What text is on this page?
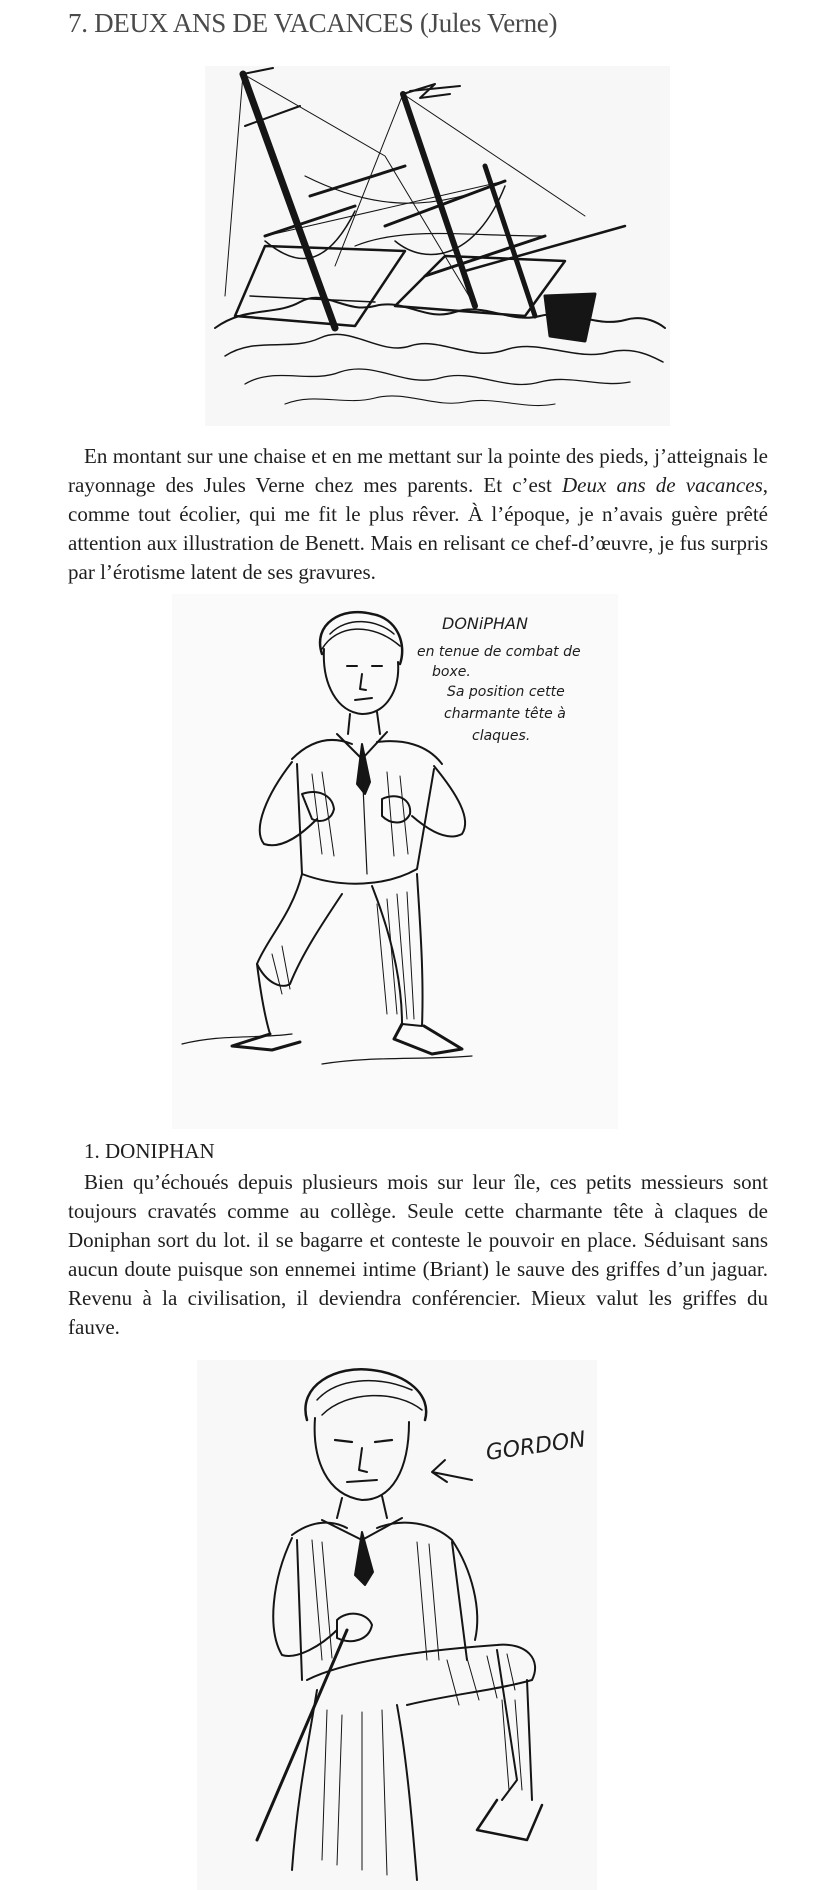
7. DEUX ANS DE VACANCES (Jules Verne)
En montant sur une chaise et en me mettant sur la pointe des pieds, j’atteignais le rayonnage des Jules Verne chez mes parents. Et c’est Deux ans de vacances, comme tout écolier, qui me fit le plus rêver. À l’époque, je n’avais guère prêté attention aux illustration de Benett. Mais en relisant ce chef-d’œuvre, je fus surpris par l’érotisme latent de ses gravures.
DONiPHAN
en tenue de combat de
boxe.
Sa position cette
charmante tête à
claques.
1. DONIPHAN
Bien qu’échoués depuis plusieurs mois sur leur île, ces petits messieurs sont toujours cravatés comme au collège. Seule cette charmante tête à claques de Doniphan sort du lot. il se bagarre et conteste le pouvoir en place. Séduisant sans aucun doute puisque son ennemei intime (Briant) le sauve des griffes d’un jaguar. Revenu à la civilisation, il deviendra conférencier. Mieux valut les griffes du fauve.
GORDON
